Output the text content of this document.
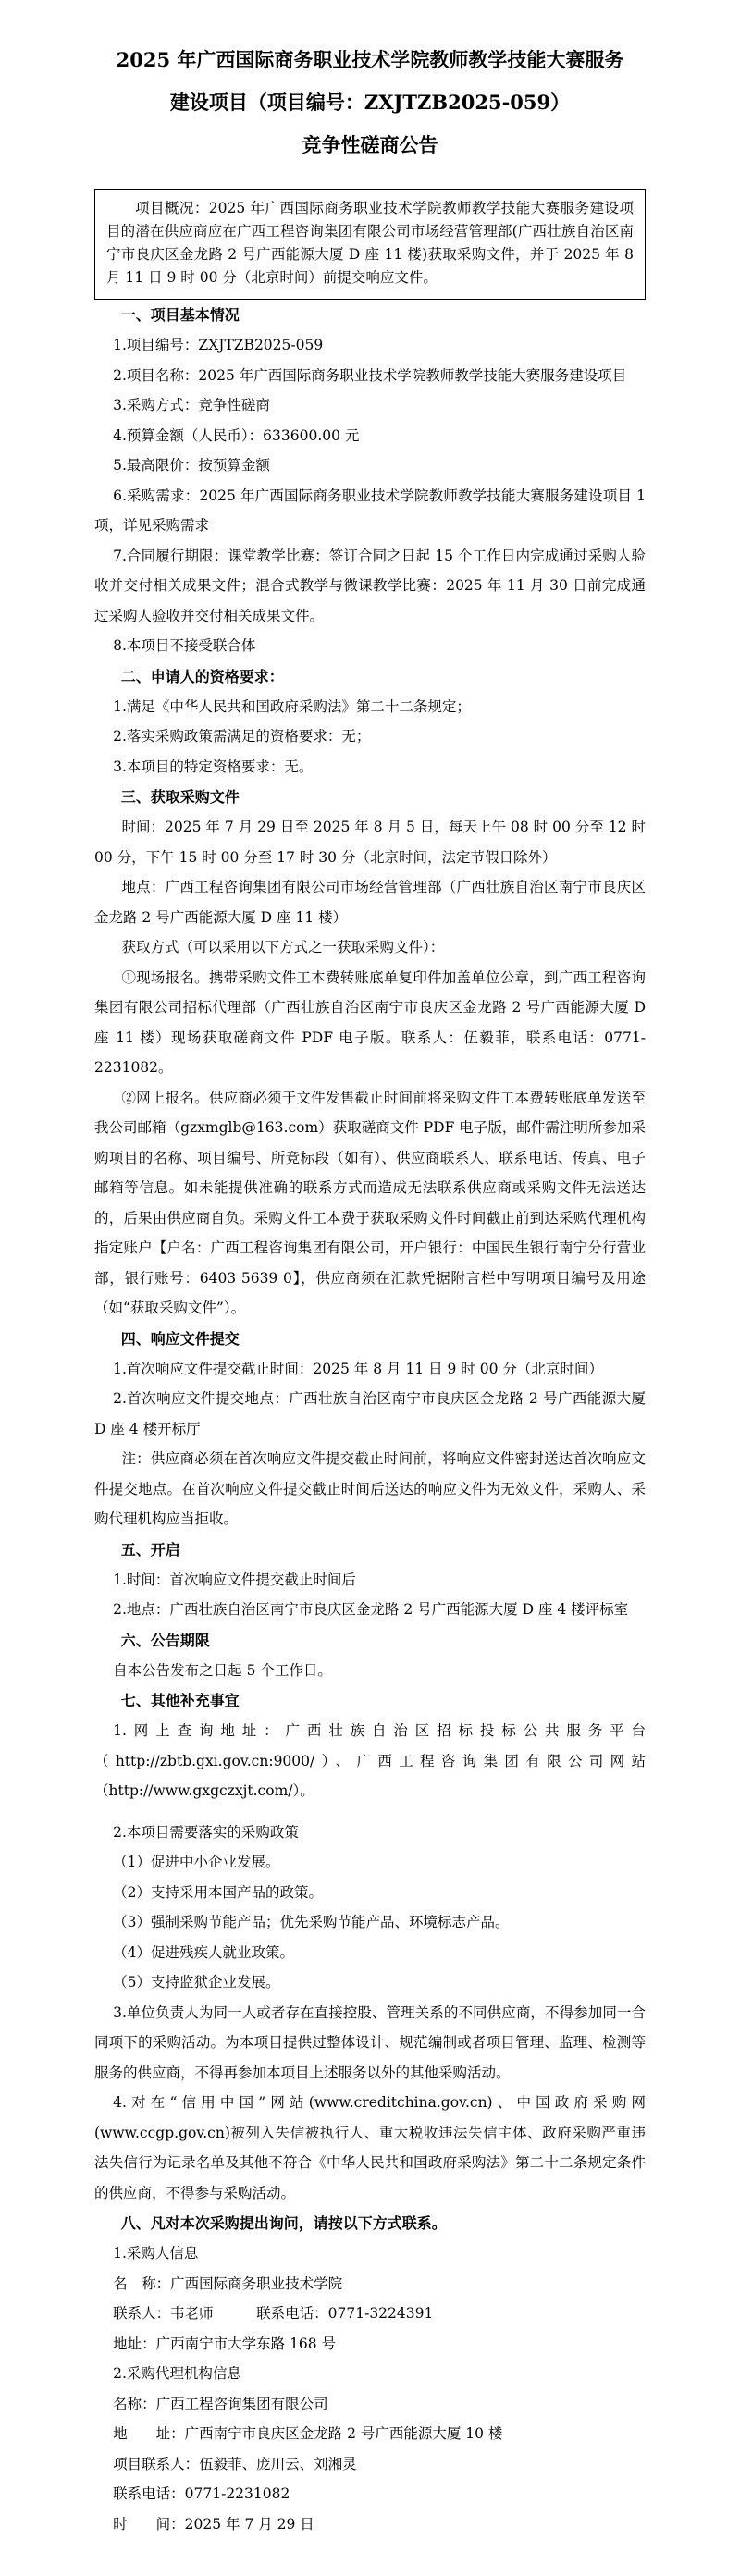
2025 年广西国际商务职业技术学院教师教学技能大赛服务
建设项目（项目编号：ZXJTZB2025-059）
竞争性磋商公告

项目概况：2025 年广西国际商务职业技术学院教师教学技能大赛服务建设项目的潜在供应商应在广西工程咨询集团有限公司市场经营管理部(广西壮族自治区南宁市良庆区金龙路 2 号广西能源大厦 D 座 11 楼)获取采购文件，并于 2025 年 8 月 11 日 9 时 00 分（北京时间）前提交响应文件。

一、项目基本情况

1.项目编号：ZXJTZB2025-059

2.项目名称：2025 年广西国际商务职业技术学院教师教学技能大赛服务建设项目

3.采购方式：竞争性磋商

4.预算金额（人民币）：633600.00 元

5.最高限价：按预算金额

6.采购需求：2025 年广西国际商务职业技术学院教师教学技能大赛服务建设项目 1 项，详见采购需求

7.合同履行期限：课堂教学比赛：签订合同之日起 15 个工作日内完成通过采购人验收并交付相关成果文件；混合式教学与微课教学比赛：2025 年 11 月 30 日前完成通过采购人验收并交付相关成果文件。

8.本项目不接受联合体

二、申请人的资格要求：

1.满足《中华人民共和国政府采购法》第二十二条规定；

2.落实采购政策需满足的资格要求：无；

3.本项目的特定资格要求：无。

三、获取采购文件

时间：2025 年 7 月 29 日至 2025 年 8 月 5 日，每天上午 08 时 00 分至 12 时 00 分，下午 15 时 00 分至 17 时 30 分（北京时间，法定节假日除外）

地点：广西工程咨询集团有限公司市场经营管理部（广西壮族自治区南宁市良庆区金龙路 2 号广西能源大厦 D 座 11 楼）

获取方式（可以采用以下方式之一获取采购文件）：

①现场报名。携带采购文件工本费转账底单复印件加盖单位公章，到广西工程咨询集团有限公司招标代理部（广西壮族自治区南宁市良庆区金龙路 2 号广西能源大厦 D 座 11 楼）现场获取磋商文件 PDF 电子版。联系人：伍毅菲，联系电话：0771-2231082。

②网上报名。供应商必须于文件发售截止时间前将采购文件工本费转账底单发送至我公司邮箱（gzxmglb@163.com）获取磋商文件 PDF 电子版，邮件需注明所参加采购项目的名称、项目编号、所竞标段（如有）、供应商联系人、联系电话、传真、电子邮箱等信息。如未能提供准确的联系方式而造成无法联系供应商或采购文件无法送达的，后果由供应商自负。采购文件工本费于获取采购文件时间截止前到达采购代理机构指定账户【户名：广西工程咨询集团有限公司，开户银行：中国民生银行南宁分行营业部，银行账号：6403 5639 0】，供应商须在汇款凭据附言栏中写明项目编号及用途（如“获取采购文件”）。

四、响应文件提交

1.首次响应文件提交截止时间：2025 年 8 月 11 日 9 时 00 分（北京时间）

2.首次响应文件提交地点：广西壮族自治区南宁市良庆区金龙路 2 号广西能源大厦 D 座 4 楼开标厅

注：供应商必须在首次响应文件提交截止时间前，将响应文件密封送达首次响应文件提交地点。在首次响应文件提交截止时间后送达的响应文件为无效文件，采购人、采购代理机构应当拒收。

五、开启

1.时间：首次响应文件提交截止时间后

2.地点：广西壮族自治区南宁市良庆区金龙路 2 号广西能源大厦 D 座 4 楼评标室

六、公告期限

自本公告发布之日起 5 个工作日。

七、其他补充事宜

1.网上查询地址：广西壮族自治区招标投标公共服务平台（http://zbtb.gxi.gov.cn:9000/）、广西工程咨询集团有限公司网站（http://www.gxgczxjt.com/）。

2.本项目需要落实的采购政策

（1）促进中小企业发展。

（2）支持采用本国产品的政策。

（3）强制采购节能产品；优先采购节能产品、环境标志产品。

（4）促进残疾人就业政策。

（5）支持监狱企业发展。

3.单位负责人为同一人或者存在直接控股、管理关系的不同供应商，不得参加同一合同项下的采购活动。为本项目提供过整体设计、规范编制或者项目管理、监理、检测等服务的供应商，不得再参加本项目上述服务以外的其他采购活动。

4.对在“信用中国”网站(www.creditchina.gov.cn)、中国政府采购网(www.ccgp.gov.cn)被列入失信被执行人、重大税收违法失信主体、政府采购严重违法失信行为记录名单及其他不符合《中华人民共和国政府采购法》第二十二条规定条件的供应商，不得参与采购活动。

八、凡对本次采购提出询问，请按以下方式联系。

1.采购人信息

名　称：广西国际商务职业技术学院

联系人：韦老师　　　联系电话：0771-3224391

地址：广西南宁市大学东路 168 号

2.采购代理机构信息

名称：广西工程咨询集团有限公司

地　　址：广西南宁市良庆区金龙路 2 号广西能源大厦 10 楼

项目联系人：伍毅菲、庞川云、刘湘灵

联系电话：0771-2231082

时　　间：2025 年 7 月 29 日
